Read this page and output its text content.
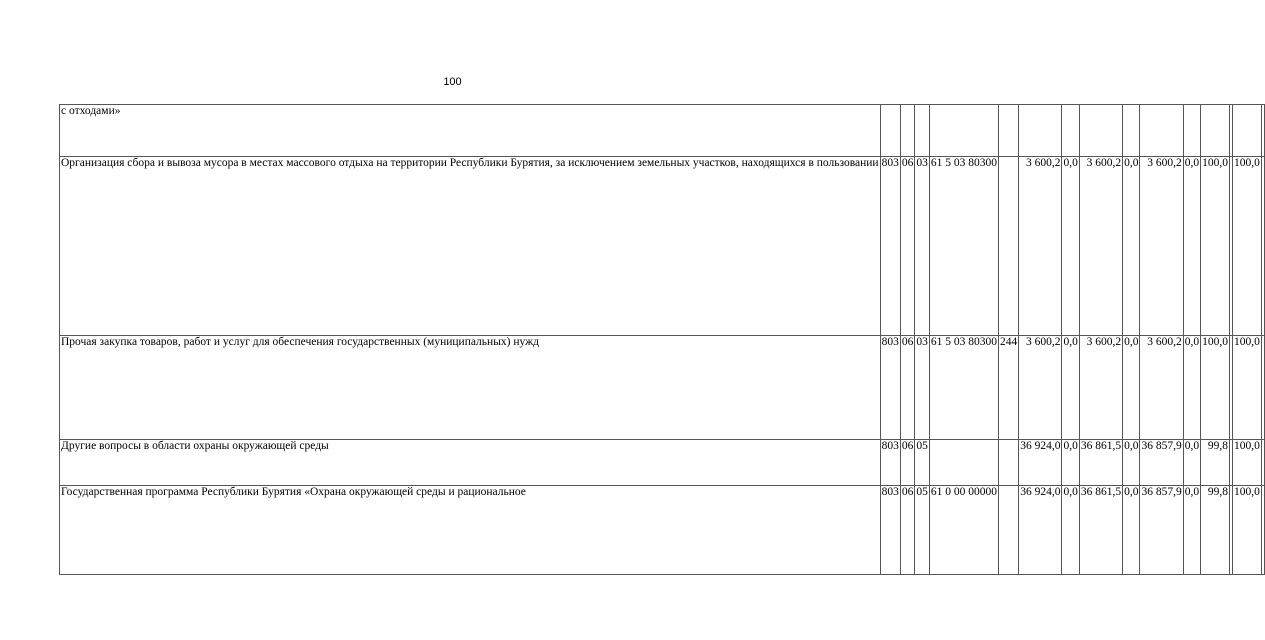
100
с отходами»															
Организация сбора и вывоза мусора в местах массового отдыха на территории Республики Бурятия, за исключением земельных участков, находящихся в пользовании	803	06	03	61 5 03 80300		3 600,2	0,0	3 600,2	0,0	3 600,2	0,0	100,0		100,0	
Прочая закупка товаров, работ и услуг для обеспечения государственных (муниципальных) нужд	803	06	03	61 5 03 80300	244	3 600,2	0,0	3 600,2	0,0	3 600,2	0,0	100,0		100,0	
Другие вопросы в области охраны окружающей среды	803	06	05			36 924,0	0,0	36 861,5	0,0	36 857,9	0,0	99,8		100,0	
Государственная программа Республики Бурятия «Охрана окружающей среды и рациональное	803	06	05	61 0 00 00000		36 924,0	0,0	36 861,5	0,0	36 857,9	0,0	99,8		100,0	
